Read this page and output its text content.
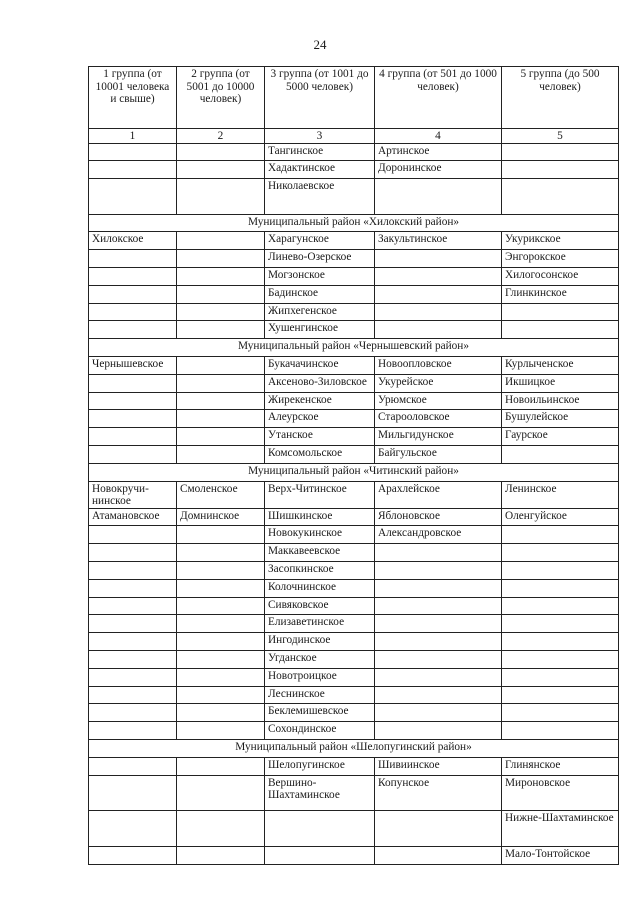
24
1 группа (от 10001 человека и свыше)	2 группа (от 5001 до 10000 человек)	3 группа (от 1001 до 5000 человек)	4 группа (от 501 до 1000 человек)	5 группа (до 500 человек)
1	2	3	4	5
		Тангинское	Артинское	
		Хадактинское	Доронинское	
		Николаевское		
Муниципальный район «Хилокский район»				
Хилокское		Харагунское	Закультинское	Укурикское
		Линево-Озерское		Энгорокское
		Могзонское		Хилогосонское
		Бадинское		Глинкинское
		Жипхегенское		
		Хушенгинское		
Муниципальный район «Чернышевский район»				
Чернышевское		Букачачинское	Новоопловское	Курлыченское
		Аксеново-Зиловское	Укурейское	Икшицкое
		Жирекенское	Урюмское	Новоильинское
		Алеурское	Старооловское	Бушулейское
		Утанское	Мильгидунское	Гаурское
		Комсомольское	Байгульское	
Муниципальный район «Читинский район»				
Новокручи-нинское	Смоленское	Верх-Читинское	Арахлейское	Ленинское
Атамановское	Домнинское	Шишкинское	Яблоновское	Оленгуйское
		Новокукинское	Александровское	
		Маккавеевское		
		Засопкинское		
		Колочнинское		
		Сивяковское		
		Елизаветинское		
		Ингодинское		
		Угданское		
		Новотроицкое		
		Леснинское		
		Беклемишевское		
		Сохондинское		
Муниципальный район «Шелопугинский район»				
		Шелопугинское	Шивиинское	Глинянское
		Вершино-Шахтаминское	Копунское	Мироновское
				Нижне-Шахтаминское
				Мало-Тонтойское
